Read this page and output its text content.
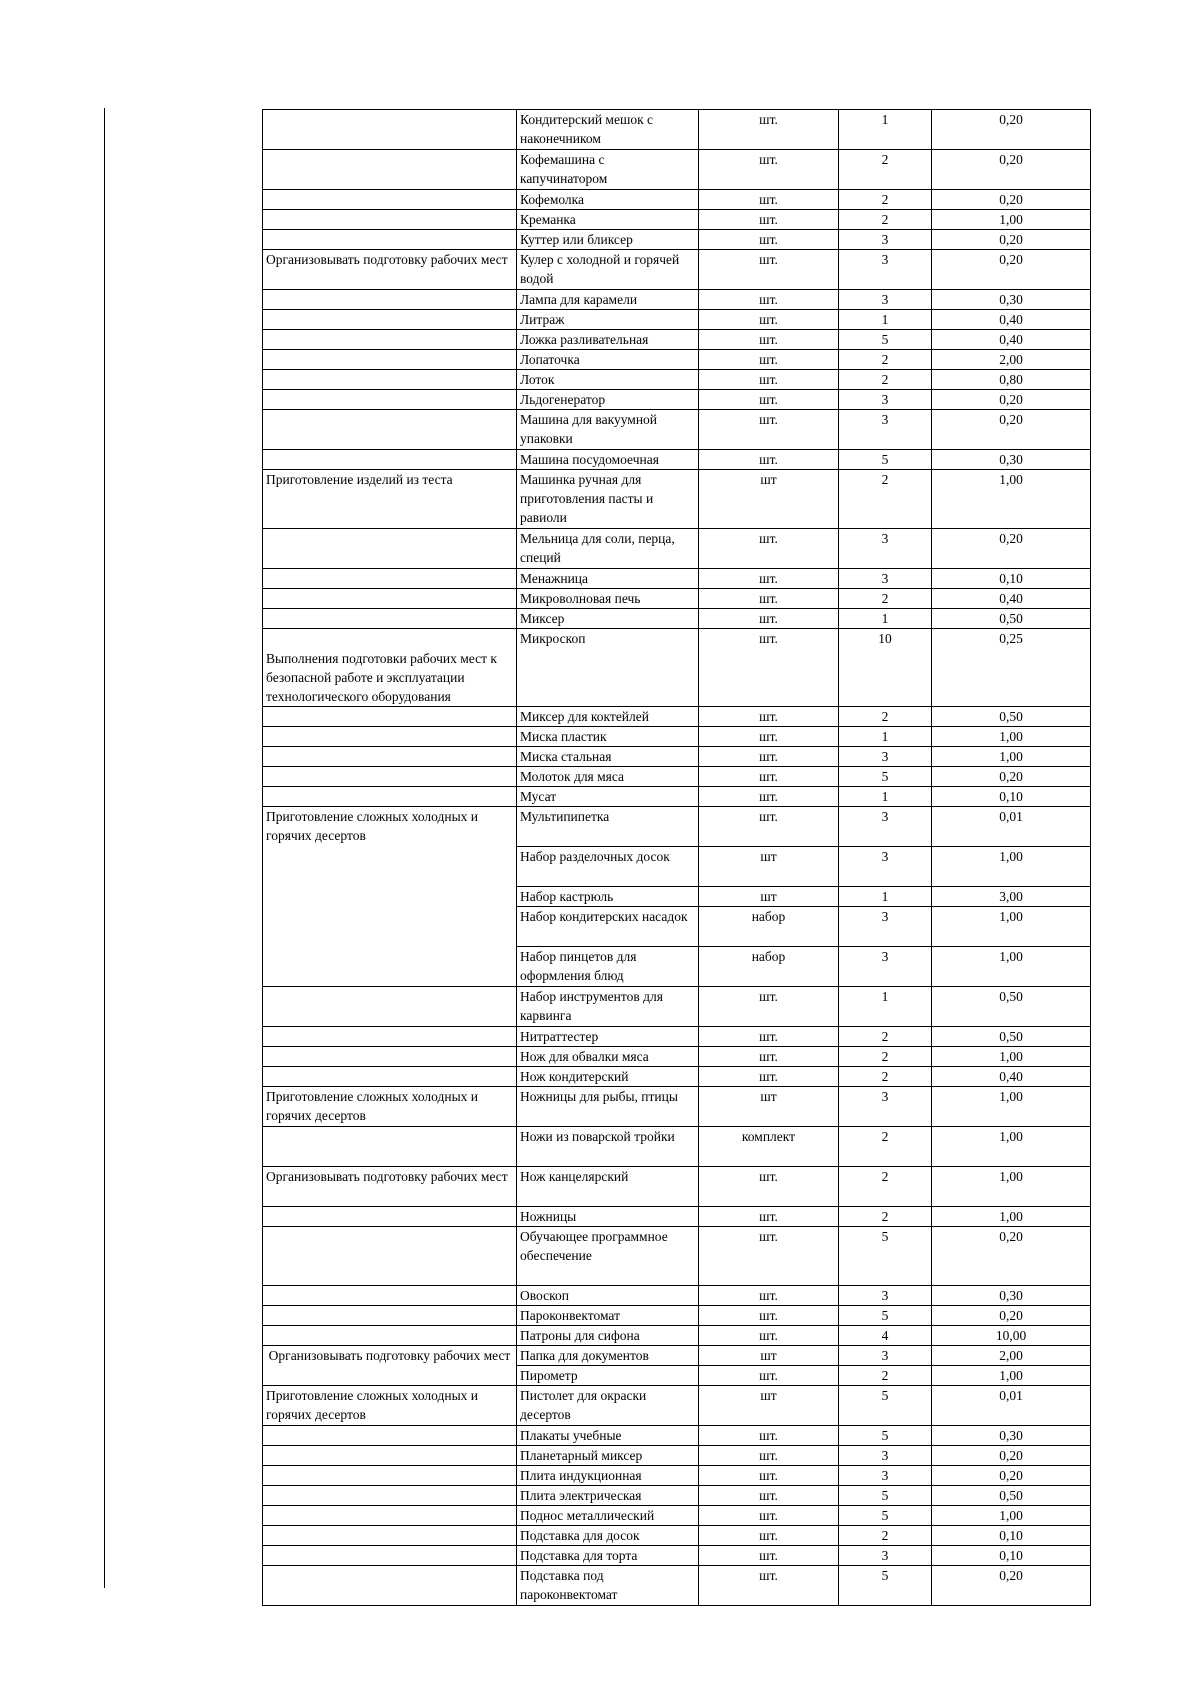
	Кондитерский мешок с наконечником	шт.	1	0,20
	Кофемашина с капучинатором	шт.	2	0,20
	Кофемолка	шт.	2	0,20
	Креманка	шт.	2	1,00
	Куттер или бликсер	шт.	3	0,20
Организовывать подготовку рабочих мест	Кулер с холодной и горячей водой	шт.	3	0,20
	Лампа для карамели	шт.	3	0,30
	Литраж	шт.	1	0,40
	Ложка разливательная	шт.	5	0,40
	Лопаточка	шт.	2	2,00
	Лоток	шт.	2	0,80
	Льдогенератор	шт.	3	0,20
	Машина для вакуумной упаковки	шт.	3	0,20
	Машина посудомоечная	шт.	5	0,30
Приготовление изделий из теста	Машинка ручная для приготовления пасты и равиоли	шт	2	1,00
	Мельница для соли, перца, специй	шт.	3	0,20
	Менажница	шт.	3	0,10
	Микроволновая печь	шт.	2	0,40
	Миксер	шт.	1	0,50
Выполнения подготовки рабочих мест к безопасной работе и эксплуатации технологического оборудования	Микроскоп	шт.	10	0,25
	Миксер для коктейлей	шт.	2	0,50
	Миска пластик	шт.	1	1,00
	Миска стальная	шт.	3	1,00
	Молоток для мяса	шт.	5	0,20
	Мусат	шт.	1	0,10
Приготовление сложных холодных и горячих десертов	Мультипипетка	шт.	3	0,01
	Набор разделочных досок	шт	3	1,00
	Набор кастрюль	шт	1	3,00
	Набор кондитерских насадок	набор	3	1,00
	Набор пинцетов для оформления блюд	набор	3	1,00
	Набор инструментов для карвинга	шт.	1	0,50
	Нитраттестер	шт.	2	0,50
	Нож для обвалки мяса	шт.	2	1,00
	Нож кондитерский	шт.	2	0,40
Приготовление сложных холодных и горячих десертов	Ножницы для рыбы, птицы	шт	3	1,00
	Ножи из поварской тройки	комплект	2	1,00
Организовывать подготовку рабочих мест	Нож канцелярский	шт.	2	1,00
	Ножницы	шт.	2	1,00
	Обучающее программное обеспечение	шт.	5	0,20
	Овоскоп	шт.	3	0,30
	Пароконвектомат	шт.	5	0,20
	Патроны для сифона	шт.	4	10,00
Организовывать подготовку рабочих мест	Папка для документов	шт	3	2,00
	Пирометр	шт.	2	1,00
Приготовление сложных холодных и горячих десертов	Пистолет для окраски десертов	шт	5	0,01
	Плакаты учебные	шт.	5	0,30
	Планетарный миксер	шт.	3	0,20
	Плита индукционная	шт.	3	0,20
	Плита электрическая	шт.	5	0,50
	Поднос металлический	шт.	5	1,00
	Подставка для досок	шт.	2	0,10
	Подставка для торта	шт.	3	0,10
	Подставка под пароконвектомат	шт.	5	0,20
